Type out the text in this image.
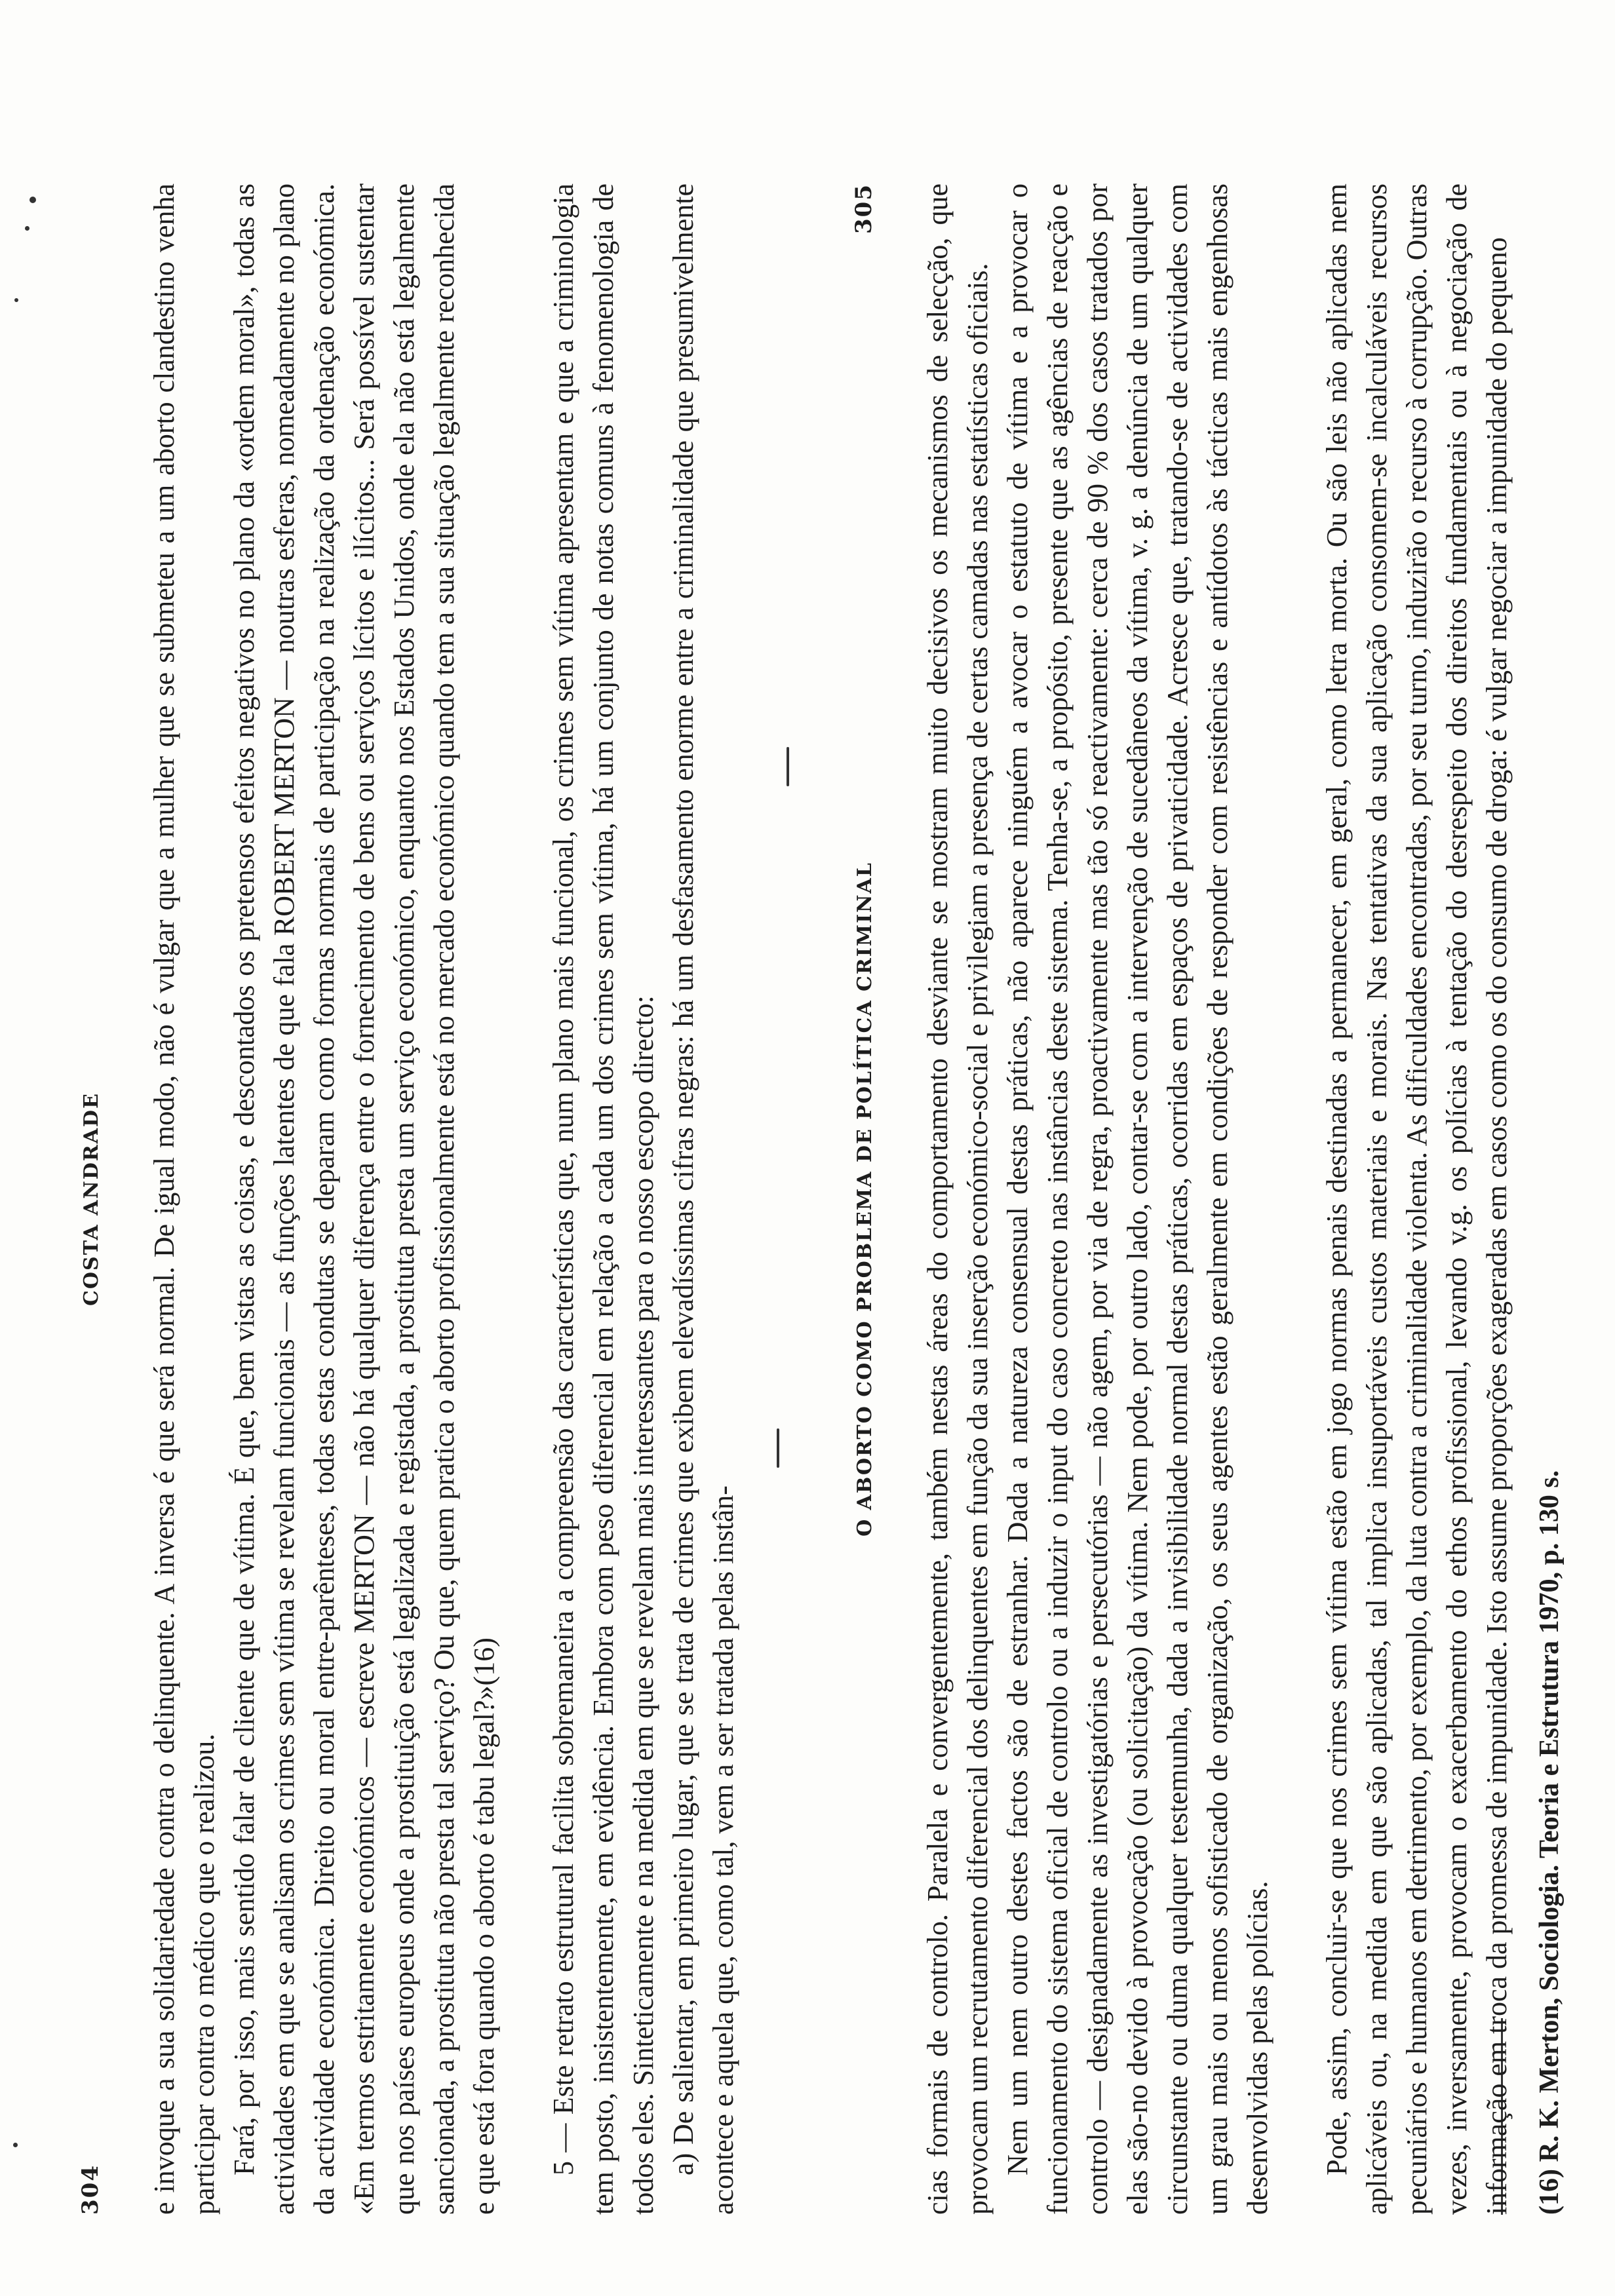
304
COSTA ANDRADE e invoque a sua solidariedade contra o delinquente. A inversa é que será normal. De igual modo, não é vulgar que a mulher que se submeteu a um aborto clandestino venha participar contra o médico que o realizou. Fará, por isso, mais sentido falar de cliente que de vítima. É que, bem vistas as coisas, e descontados os pretensos efeitos negativos no plano da «ordem moral», todas as actividades em que se analisam os crimes sem vítima se revelam funcionais — as funções latentes de que fala ROBERT MERTON — noutras esferas, nomeadamente no plano da actividade económica. Direito ou moral entre-parênteses, todas estas condutas se deparam como formas normais de participação na realização da ordenação económica. «Em termos estritamente económicos — escreve MERTON — não há qualquer diferença entre o fornecimento de bens ou serviços lícitos e ilícitos... Será possível sustentar que nos países europeus onde a prostituição está legalizada e registada, a prostituta presta um serviço económico, enquanto nos Estados Unidos, onde ela não está legalmente sancionada, a prostituta não presta tal serviço? Ou que, quem pratica o aborto profissionalmente está no mercado económico quando tem a sua situação legalmente reconhecida e que está fora quando o aborto é tabu legal?»(16) 5 — Este retrato estrutural facilita sobremaneira a compreensão das características que, num plano mais funcional, os crimes sem vítima apresentam e que a criminologia tem posto, insistentemente, em evidência. Embora com peso diferencial em relação a cada um dos crimes sem vítima, há um conjunto de notas comuns à fenomenologia de todos eles. Sinteticamente e na medida em que se revelam mais interessantes para o nosso escopo directo: a) De salientar, em primeiro lugar, que se trata de crimes que exibem elevadíssimas cifras negras: há um desfasamento enorme entre a criminalidade que presumivelmente acontece e aquela que, como tal, vem a ser tratada pelas instân-	(16) R. K. Merton, Sociologia. Teoria e Estrutura 1970, p. 130 s.
O ABORTO COMO PROBLEMA DE POLÍTICA CRIMINAL
305 cias formais de controlo. Paralela e convergentemente, também nestas áreas do comportamento desviante se mostram muito decisivos os mecanismos de selecção, que provocam um recrutamento diferencial dos delinquentes em função da sua inserção económico-social e privilegiam a presença de certas camadas nas estatísticas oficiais. Nem um nem outro destes factos são de estranhar. Dada a natureza consensual destas práticas, não aparece ninguém a avocar o estatuto de vítima e a provocar o funcionamento do sistema oficial de controlo ou a induzir o input do caso concreto nas instâncias deste sistema. Tenha-se, a propósito, presente que as agências de reacção e controlo — designadamente as investigatórias e persecutórias — não agem, por via de regra, proactivamente mas tão só reactivamente: cerca de 90 % dos casos tratados por elas são-no devido à provocação (ou solicitação) da vítima. Nem pode, por outro lado, contar-se com a intervenção de sucedâneos da vítima, v. g. a denúncia de um qualquer circunstante ou duma qualquer testemunha, dada a invisibilidade normal destas práticas, ocorridas em espaços de privaticidade. Acresce que, tratando-se de actividades com um grau mais ou menos sofisticado de organização, os seus agentes estão geralmente em condições de responder com resistências e antídotos às tácticas mais engenhosas desenvolvidas pelas polícias. Pode, assim, concluir-se que nos crimes sem vítima estão em jogo normas penais destinadas a permanecer, em geral, como letra morta. Ou são leis não aplicadas nem aplicáveis ou, na medida em que são aplicadas, tal implica insuportáveis custos materiais e morais. Nas tentativas da sua aplicação consomem-se incalculáveis recursos pecuniários e humanos em detrimento, por exemplo, da luta contra a criminalidade violenta. As dificuldades encontradas, por seu turno, induzirão o recurso à corrupção. Outras vezes, inversamente, provocam o exacerbamento do ethos profissional, levando v.g. os polícias à tentação do desrespeito dos direitos fundamentais ou à negociação de informação em troca da promessa de impunidade. Isto assume proporções exageradas em casos como os do consumo de droga: é vulgar negociar a impunidade do pequeno
